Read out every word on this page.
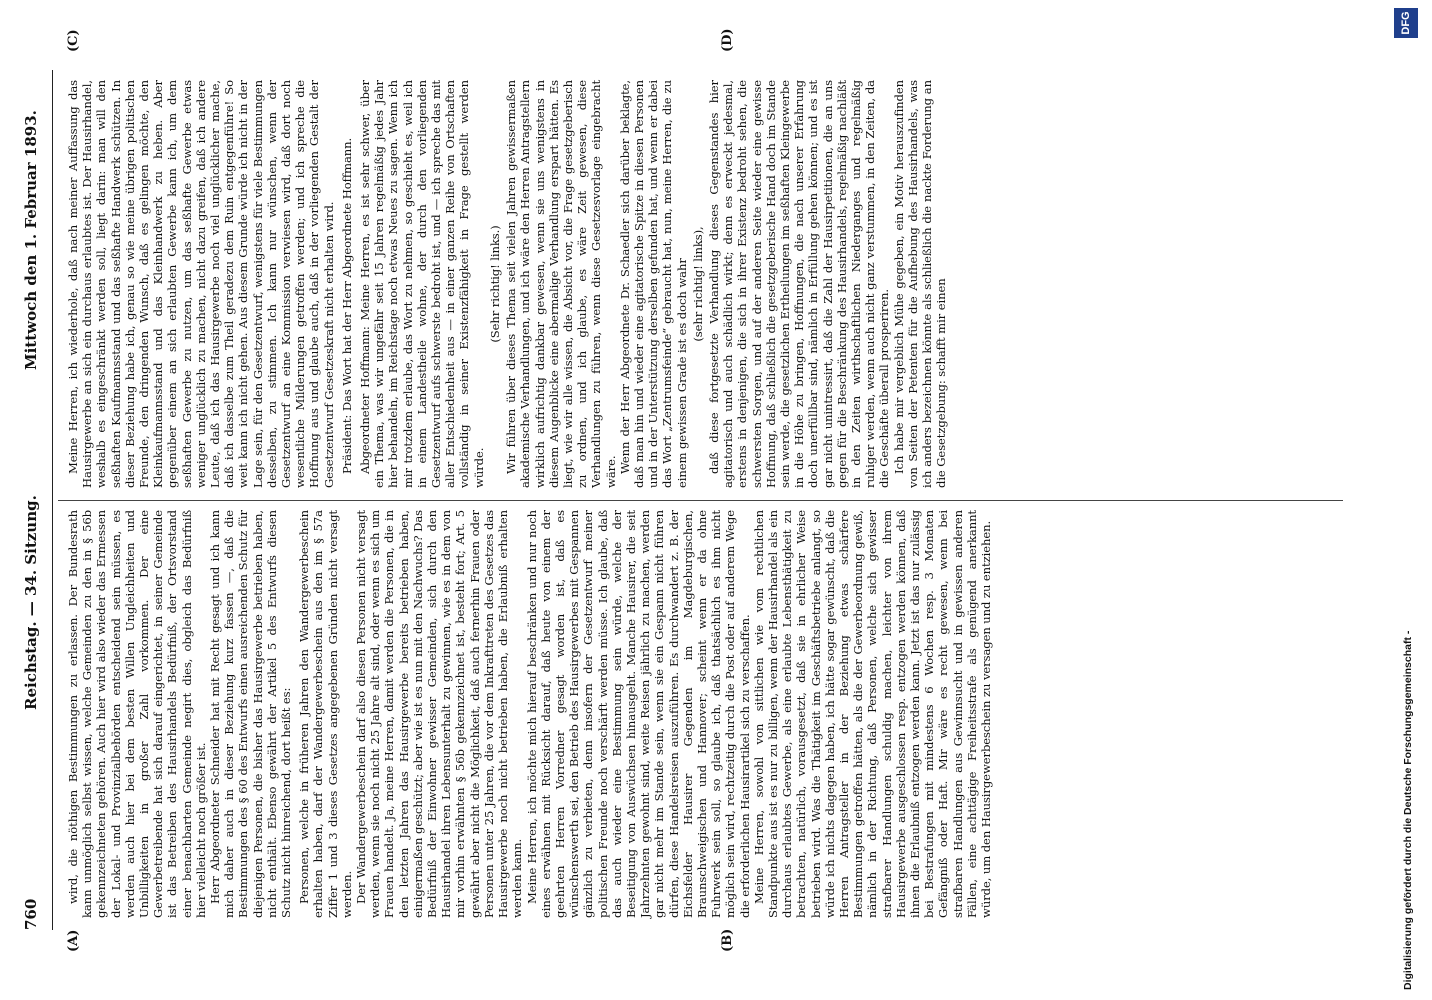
760
Reichstag. — 34. Sitzung.
Mittwoch den 1. Februar 1893.
(A)	(B)
(C)	(D)

wird, die nöthigen Bestimmungen zu erlassen. Der Bundesrath kann unmöglich selbst wissen, welche Gemeinden zu den in § 56b gekennzeichneten gehören. Auch hier wird also wieder das Ermessen der Lokal- und Provinzialbehörden entscheidend sein müssen, es werden auch hier bei dem besten Willen Ungleichheiten und Unbilligkeiten in großer Zahl vorkommen. Der eine Gewerbetreibende hat sich darauf eingerichtet, in seiner Gemeinde ist das Betreiben des Hausirhandels Bedürfniß, der Ortsvorstand einer benachbarten Gemeinde negirt dies, obgleich das Bedürfniß hier vielleicht noch größer ist. Herr Abgeordneter Schneider hat mit Recht gesagt und ich kann mich daher auch in dieser Beziehung kurz fassen —, daß die Bestimmungen des § 60 des Entwurfs einen ausreichenden Schutz für diejenigen Personen, die bisher das Hausirgewerbe betrieben haben, nicht enthält. Ebenso gewährt der Artikel 5 des Entwurfs diesen Schutz nicht hinreichend, dort heißt es: Personen, welche in früheren Jahren den Wandergewerbeschein erhalten haben, darf der Wandergewerbeschein aus den im § 57a Ziffer 1 und 3 dieses Gesetzes angegebenen Gründen nicht versagt werden. Der Wandergewerbeschein darf also diesen Personen nicht versagt werden, wenn sie noch nicht 25 Jahre alt sind, oder wenn es sich um Frauen handelt. Ja, meine Herren, damit werden die Personen, die in den letzten Jahren das Hausirgewerbe bereits betrieben haben, einigermaßen geschützt; aber wie ist es nun mit den Nachwuchs? Das Bedürfniß der Einwohner gewisser Gemeinden, sich durch den Hausirhandel ihren Lebensunterhalt zu gewinnen, wie es in dem von mir vorhin erwähnten § 56b gekennzeichnet ist, besteht fort; Art. 5 gewährt aber nicht die Möglichkeit, daß auch fernerhin Frauen oder Personen unter 25 Jahren, die vor dem Inkrafttreten des Gesetzes das Hausirgewerbe noch nicht betrieben haben, die Erlaubniß erhalten werden kann. Meine Herren, ich möchte mich hierauf beschränken und nur noch eines erwähnen mit Rücksicht darauf, daß heute von einem der geehrten Herren Vorredner gesagt worden ist, daß es wünschenswerth sei, den Betrieb des Hausirgewerbes mit Gespannen gänzlich zu verbieten, denn insofern der Gesetzentwurf meiner politischen Freunde noch verschärft werden müsse. Ich glaube, daß das auch wieder eine Bestimmung sein würde, welche der Beseitigung von Auswüchsen hinausgeht. Manche Hausirer, die seit Jahrzehnten gewohnt sind, weite Reisen jährlich zu machen, werden gar nicht mehr im Stande sein, wenn sie ein Gespann nicht führen dürfen, diese Handelsreisen auszuführen. Es durchwandert z. B. der Eichsfelder Hausirer Gegenden im Magdeburgischen, Braunschweigischen und Hannover; scheint wenn er da ohne Fuhrwerk sein soll, so glaube ich, daß thatsächlich es ihm nicht möglich sein wird, rechtzeitig durch die Post oder auf anderem Wege die erforderlichen Hausirartikel sich zu verschaffen. Meine Herren, sowohl von sittlichen wie vom rechtlichen Standpunkte aus ist es nur zu billigen, wenn der Hausirhandel als ein durchaus erlaubtes Gewerbe, als eine erlaubte Lebensthätigkeit zu betrachten, natürlich, vorausgesetzt, daß sie in ehrlicher Weise betrieben wird. Was die Thätigkeit im Geschäftsbetriebe anlangt, so würde ich nichts dagegen haben, ich hätte sogar gewünscht, daß die Herren Antragsteller in der Beziehung etwas schärfere Bestimmungen getroffen hätten, als die der Gewerbeordnung gewiß, nämlich in der Richtung, daß Personen, welche sich gewisser strafbarer Handlungen schuldig machen, leichter von ihrem Hausirgewerbe ausgeschlossen resp. entzogen werden können, daß ihnen die Erlaubniß entzogen werden kann. Jetzt ist das nur zulässig bei Bestrafungen mit mindestens 6 Wochen resp. 3 Monaten Gefängniß oder Haft. Mir wäre es recht gewesen, wenn bei strafbaren Handlungen aus Gewinnsucht und in gewissen anderen Fällen, eine achttägige Freiheitsstrafe als genügend anerkannt würde, um den Hausirgewerbeschein zu versagen und zu entziehen.

Meine Herren, ich wiederhole, daß nach meiner Auffassung das Hausirgewerbe an sich ein durchaus erlaubtes ist. Der Hausirhandel, weshalb es eingeschränkt werden soll, liegt darin: man will den seßhaften Kaufmannsstand und das seßhafte Handwerk schützen. In dieser Beziehung habe ich, genau so wie meine übrigen politischen Freunde, den dringenden Wunsch, daß es gelingen möchte, den Kleinkaufmannsstand und das Kleinhandwerk zu heben. Aber gegenüber einem an sich erlaubten Gewerbe kann ich, um dem seßhaften Gewerbe zu nutzen, um das seßhafte Gewerbe etwas weniger unglücklich zu machen, nicht dazu greifen, daß ich andere Leute, daß ich das Hausirgewerbe noch viel unglücklicher mache, daß ich dasselbe zum Theil geradezu dem Ruin entgegenführe! So weit kann ich nicht gehen. Aus diesem Grunde würde ich nicht in der Lage sein, für den Gesetzentwurf, wenigstens für viele Bestimmungen desselben, zu stimmen. Ich kann nur wünschen, wenn der Gesetzentwurf an eine Kommission verwiesen wird, daß dort noch wesentliche Milderungen getroffen werden; und ich spreche die Hoffnung aus und glaube auch, daß in der vorliegenden Gestalt der Gesetzentwurf Gesetzeskraft nicht erhalten wird. Präsident: Das Wort hat der Herr Abgeordnete Hoffmann. Abgeordneter Hoffmann: Meine Herren, es ist sehr schwer, über ein Thema, was wir ungefähr seit 15 Jahren regelmäßig jedes Jahr hier behandeln, im Reichstage noch etwas Neues zu sagen. Wenn ich mir trotzdem erlaube, das Wort zu nehmen, so geschieht es, weil ich in einem Landestheile wohne, der durch den vorliegenden Gesetzentwurf aufs schwerste bedroht ist, und — ich spreche das mit aller Entschiedenheit aus — in einer ganzen Reihe von Ortschaften vollständig in seiner Existenzfähigkeit in Frage gestellt werden würde.

(Sehr richtig! links.) Wir führen über dieses Thema seit vielen Jahren gewissermaßen akademische Verhandlungen, und ich wäre den Herren Antragstellern wirklich aufrichtig dankbar gewesen, wenn sie uns wenigstens in diesem Augenblicke eine abermalige Verhandlung erspart hätten. Es liegt, wie wir alle wissen, die Absicht vor, die Frage gesetzgeberisch zu ordnen, und ich glaube, es wäre Zeit gewesen, diese Verhandlungen zu führen, wenn diese Gesetzesvorlage eingebracht wäre. Wenn der Herr Abgeordnete Dr. Schaedler sich darüber beklagte, daß man hin und wieder eine agitatorische Spitze in diesen Personen und in der Unterstützung derselben gefunden hat, und wenn er dabei das Wort „Zentrumsfeinde“ gebraucht hat, nun, meine Herren, die zu einem gewissen Grade ist es doch wahr (sehr richtig! links), daß diese fortgesetzte Verhandlung dieses Gegenstandes hier agitatorisch und auch schädlich wirkt; denn es erweckt jedesmal, erstens in denjenigen, die sich in ihrer Existenz bedroht sehen, die schwersten Sorgen, und auf der anderen Seite wieder eine gewisse Hoffnung, daß schließlich die gesetzgeberische Hand doch im Stande sein werde, die gesetzlichen Ertheilungen im seßhaften Kleingewerbe in die Höhe zu bringen, Hoffnungen, die nach unserer Erfahrung doch unerfüllbar sind, nämlich in Erfüllung gehen können; und es ist gar nicht unintressirt, daß die Zahl der Hausirpetitionen, die an uns gegen für die Beschränkung des Hausirhandels, regelmäßig nachläßt in den Zeiten wirthschaftlichen Niederganges und regelmäßig ruhiger werden, wenn auch nicht ganz verstummen, in den Zeiten, da die Geschäfte überall prosperiren. Ich habe mir vergeblich Mühe gegeben, ein Motiv herauszufinden von Seiten der Petenten für die Aufhebung des Hausirhandels, was ich anders bezeichnen könnte als schließlich die nackte Forderung an die Gesetzgebung: schafft mir einen

Digitalisierung gefördert durch die Deutsche Forschungsgemeinschaft -
DFG
